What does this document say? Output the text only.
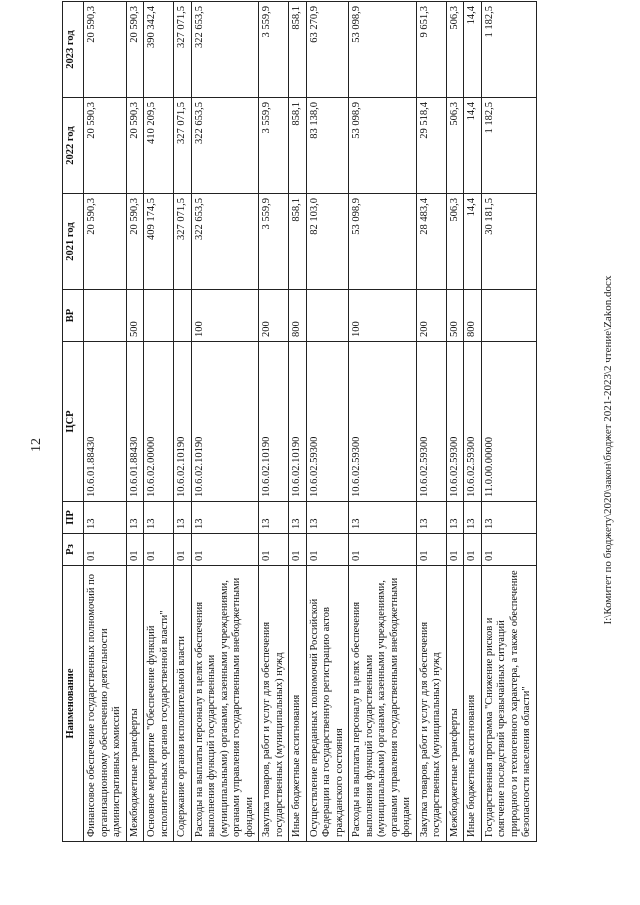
12
Наименование	Рз	ПР	ЦСР	ВР	2021 год	2022 год	2023 год
Финансовое обеспечение государственных полномочий по организационному обеспечению деятельности административных комиссий	01	13	10.6.01.88430		20 590,3	20 590,3	20 590,3
Межбюджетные трансферты	01	13	10.6.01.88430	500	20 590,3	20 590,3	20 590,3
Основное мероприятие "Обеспечение функций исполнительных органов государственной власти"	01	13	10.6.02.00000		409 174,5	410 209,5	390 342,4
Содержание органов исполнительной власти	01	13	10.6.02.10190		327 071,5	327 071,5	327 071,5
Расходы на выплаты персоналу в целях обеспечения выполнения функций государственными (муниципальными) органами, казенными учреждениями, органами управления государственными внебюджетными фондами	01	13	10.6.02.10190	100	322 653,5	322 653,5	322 653,5
Закупка товаров, работ и услуг для обеспечения государственных (муниципальных) нужд	01	13	10.6.02.10190	200	3 559,9	3 559,9	3 559,9
Иные бюджетные ассигнования	01	13	10.6.02.10190	800	858,1	858,1	858,1
Осуществление переданных полномочий Российской Федерации на государственную регистрацию актов гражданского состояния	01	13	10.6.02.59300		82 103,0	83 138,0	63 270,9
Расходы на выплаты персоналу в целях обеспечения выполнения функций государственными (муниципальными) органами, казенными учреждениями, органами управления государственными внебюджетными фондами	01	13	10.6.02.59300	100	53 098,9	53 098,9	53 098,9
Закупка товаров, работ и услуг для обеспечения государственных (муниципальных) нужд	01	13	10.6.02.59300	200	28 483,4	29 518,4	9 651,3
Межбюджетные трансферты	01	13	10.6.02.59300	500	506,3	506,3	506,3
Иные бюджетные ассигнования	01	13	10.6.02.59300	800	14,4	14,4	14,4
Государственная программа "Снижение рисков и смягчение последствий чрезвычайных ситуаций природного и техногенного характера, а также обеспечение безопасности населения области"	01	13	11.0.00.00000		30 181,5	1 182,5	1 182,5
I:\Комитет по бюджету\2020\закон\бюджет 2021-2023\2 чтение\Zakon.docx
